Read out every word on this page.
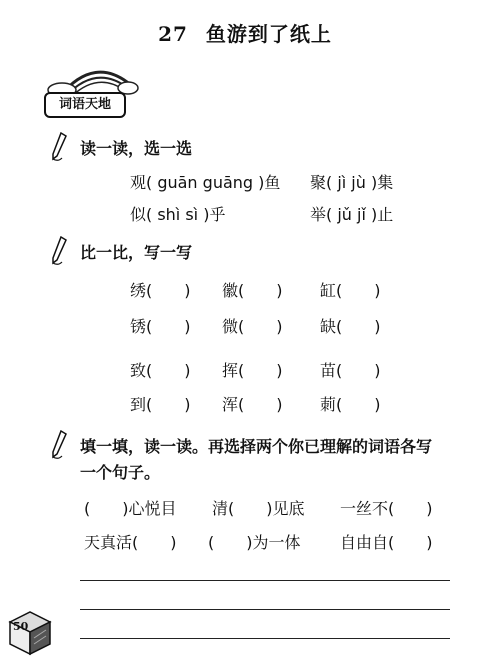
27 鱼游到了纸上
词语天地
读一读，选一选
观( guān guāng )鱼 聚( jì jù )集
似( shì sì )乎	举( jǔ jǐ )止
比一比，写一写
绣(　　) 徽(　　) 缸(　　)
锈(　　) 微(　　) 缺(　　)
致(　　) 挥(　　) 苗(　　)
到(　　) 浑(　　) 莿(　　)
填一填，读一读。再选择两个你已理解的词语各写
一个句子。
(　　)心悦目 清(　　)见底 一丝不(　　)
天真活(　　) (　　)为一体 自由自(　　)
50
